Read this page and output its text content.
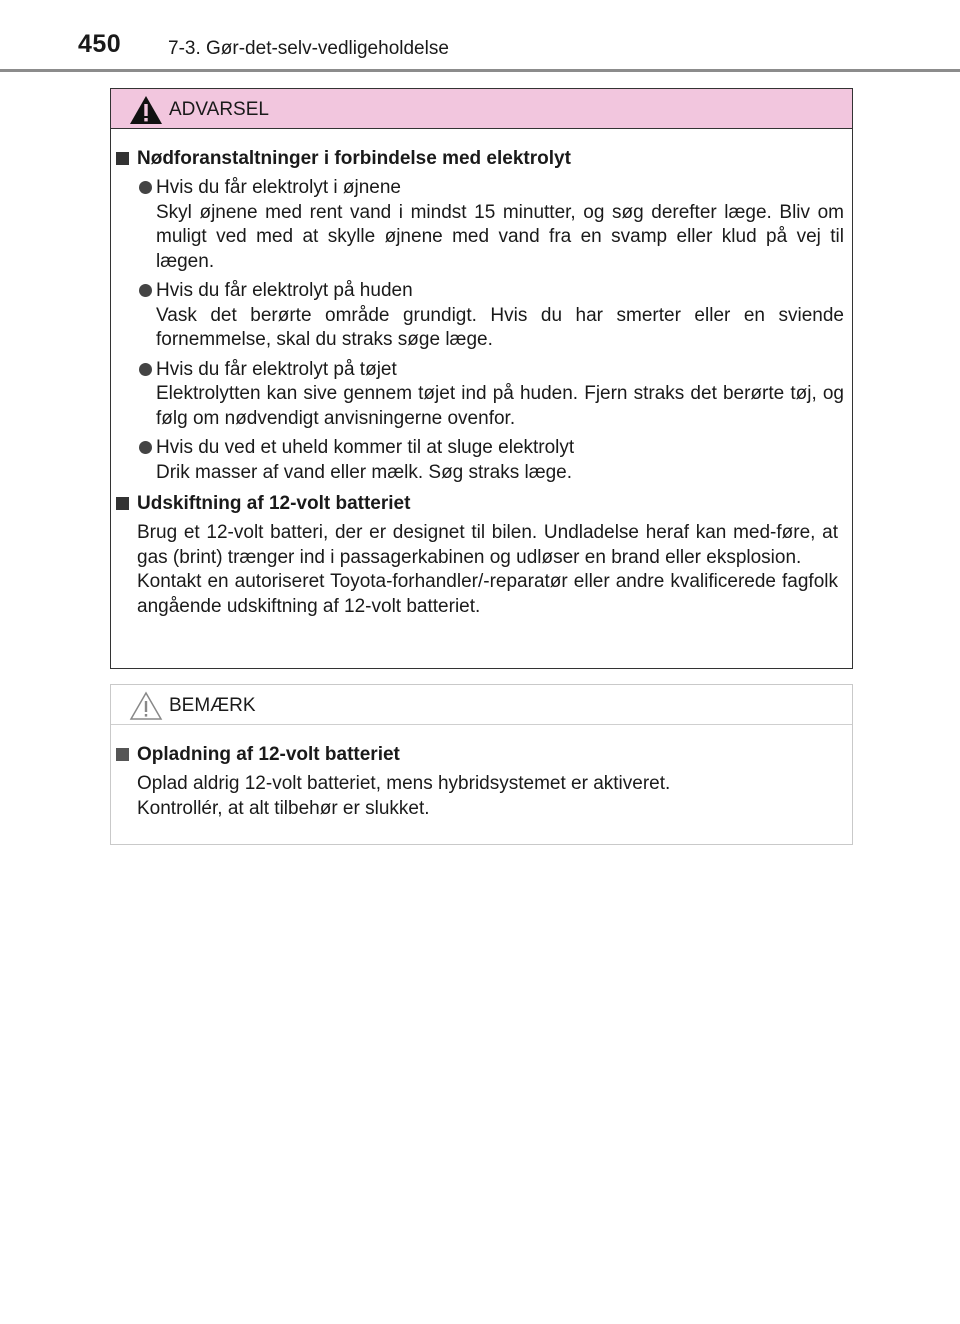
450 7-3. Gør-det-selv-vedligeholdelse
ADVARSEL
Nødforanstaltninger i forbindelse med elektrolyt
Hvis du får elektrolyt i øjnene
Skyl øjnene med rent vand i mindst 15 minutter, og søg derefter læge. Bliv om muligt ved med at skylle øjnene med vand fra en svamp eller klud på vej til lægen.
Hvis du får elektrolyt på huden
Vask det berørte område grundigt. Hvis du har smerter eller en sviende fornemmelse, skal du straks søge læge.
Hvis du får elektrolyt på tøjet
Elektrolytten kan sive gennem tøjet ind på huden. Fjern straks det berørte tøj, og følg om nødvendigt anvisningerne ovenfor.
Hvis du ved et uheld kommer til at sluge elektrolyt
Drik masser af vand eller mælk. Søg straks læge.
Udskiftning af 12-volt batteriet

Brug et 12-volt batteri, der er designet til bilen. Undladelse heraf kan med-føre, at gas (brint) trænger ind i passagerkabinen og udløser en brand eller eksplosion.

Kontakt en autoriseret Toyota-forhandler/-reparatør eller andre kvalificerede fagfolk angående udskiftning af 12-volt batteriet.

BEMÆRK
Opladning af 12-volt batteriet

Oplad aldrig 12-volt batteriet, mens hybridsystemet er aktiveret.

Kontrollér, at alt tilbehør er slukket.
